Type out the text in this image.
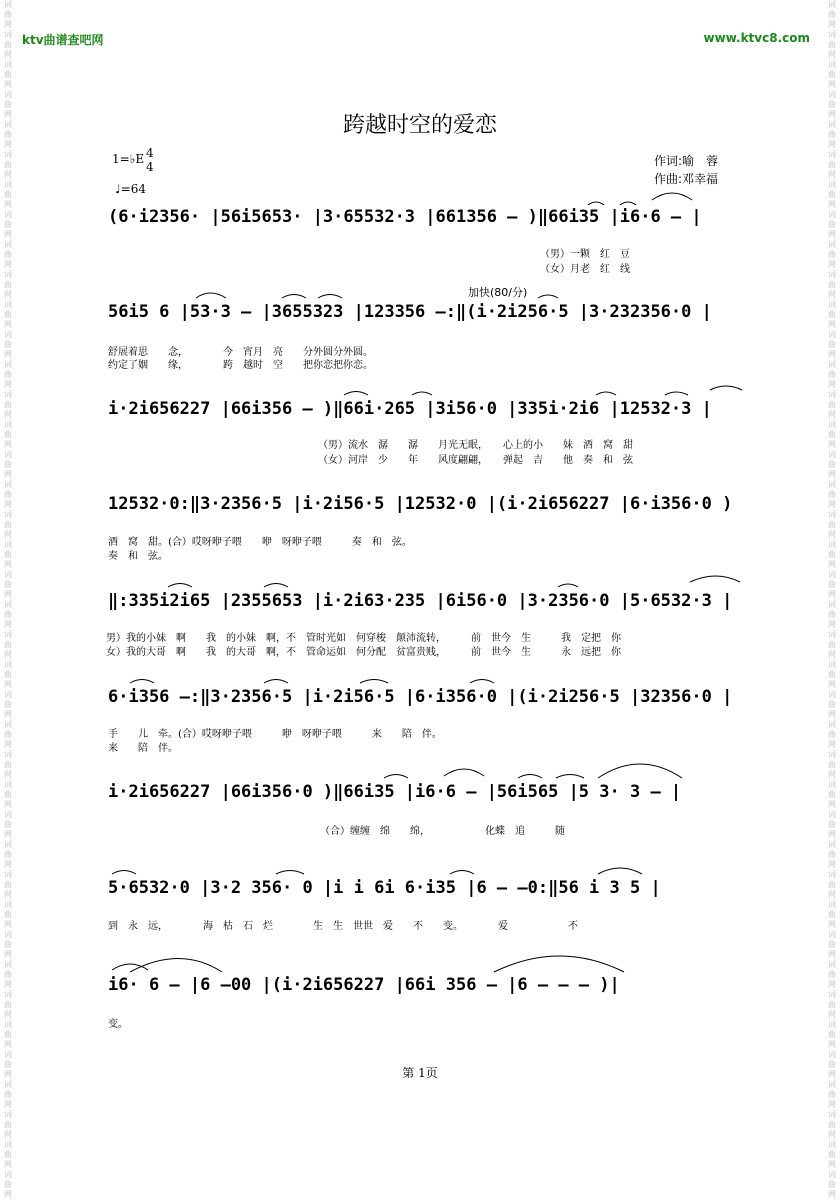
词曲网 词曲网 词曲网 词曲网 词曲网 词曲网 词曲网 词曲网 词曲网 词曲网 词曲网 词曲网 词曲网 词曲网 词曲网 词曲网 词曲网 词曲网 词曲网 词曲网 词曲网 词曲网 词曲网 词曲网 词曲网 词曲网 词曲网 词曲网 词曲网 词曲网 词曲网 词曲网 词曲网 词曲网 词曲网 词曲网 词曲网 词曲网 词曲网 词曲网
词曲网 词曲网 词曲网 词曲网 词曲网 词曲网 词曲网 词曲网 词曲网 词曲网 词曲网 词曲网 词曲网 词曲网 词曲网 词曲网 词曲网 词曲网 词曲网 词曲网 词曲网 词曲网 词曲网 词曲网 词曲网 词曲网 词曲网 词曲网 词曲网 词曲网 词曲网 词曲网 词曲网 词曲网 词曲网 词曲网 词曲网 词曲网 词曲网 词曲网
ktv曲谱查吧网	www.ktvc8.com
跨越时空的爱恋
1=♭E 4
4
♩=64
作词:喻　蓉
作曲:邓幸福
加快(80/分)
(6·i2356· |56i5653· |3·65532·3 |661356 — )‖66i35 |i6·6 — |
（男）一颗　红　豆
（女）月老　红　线
56i5 6 |53·3 — |3655323 |123356 —:‖(i·2i256·5 |3·232356·0 |
舒展着思　　念，　　　　今　宵月　亮　　分外圆分外圆。
约定了姻　　缘，　　　　跨　越时　空　　把你恋把你恋。
i·2i656227 |66i356 — )‖66i·265 |3i56·0 |335i·2i6 |12532·3 |
（男）流水　潺　　潺　　月光无眠，　　心上的小　　妹　酒　窝　甜
（女）河岸　少　　年　　风度翩翩，　　弹起　吉　　他　奏　和　弦
12532·0:‖3·2356·5 |i·2i56·5 |12532·0 |(i·2i656227 |6·i356·0 )
酒　窝　甜。(合）哎呀咿子喂　　咿　呀咿子喂　　　奏　和　弦。
奏　和　弦。
‖:335i2i65 |2355653 |i·2i63·235 |6i56·0 |3·2356·0 |5·6532·3 |
男）我的小妹　啊　　我　的小妹　啊，不　管时光如　何穿梭　颠沛流转，　　　前　世今　生　　　我　定把　你
女）我的大哥　啊　　我　的大哥　啊，不　管命运如　何分配　贫富贵贱，　　　前　世今　生　　　永　远把　你
6·i356 —:‖3·2356·5 |i·2i56·5 |6·i356·0 |(i·2i256·5 |32356·0 |
手　　儿　牵。(合）哎呀咿子喂　　　咿　呀咿子喂　　　来　　陪　伴。
来　　陪　伴。
i·2i656227 |66i356·0 )‖66i35 |i6·6 — |56i565 |5 3· 3 — |
（合）缠缠　绵　　绵，　　　　　　化蝶　追　　　随
5·6532·0 |3·2 356· 0 |i i 6i 6·i35 |6 — —0:‖56 i 3 5 |
到　永　远，　　　　海　枯　石　烂　　　　生　生　世世　爱　　不　　变。　　　　爱　　　　　　不
i6· 6 — |6 —00 |(i·2i656227 |66i 356 — |6 — — — )|
变。
第 1页
